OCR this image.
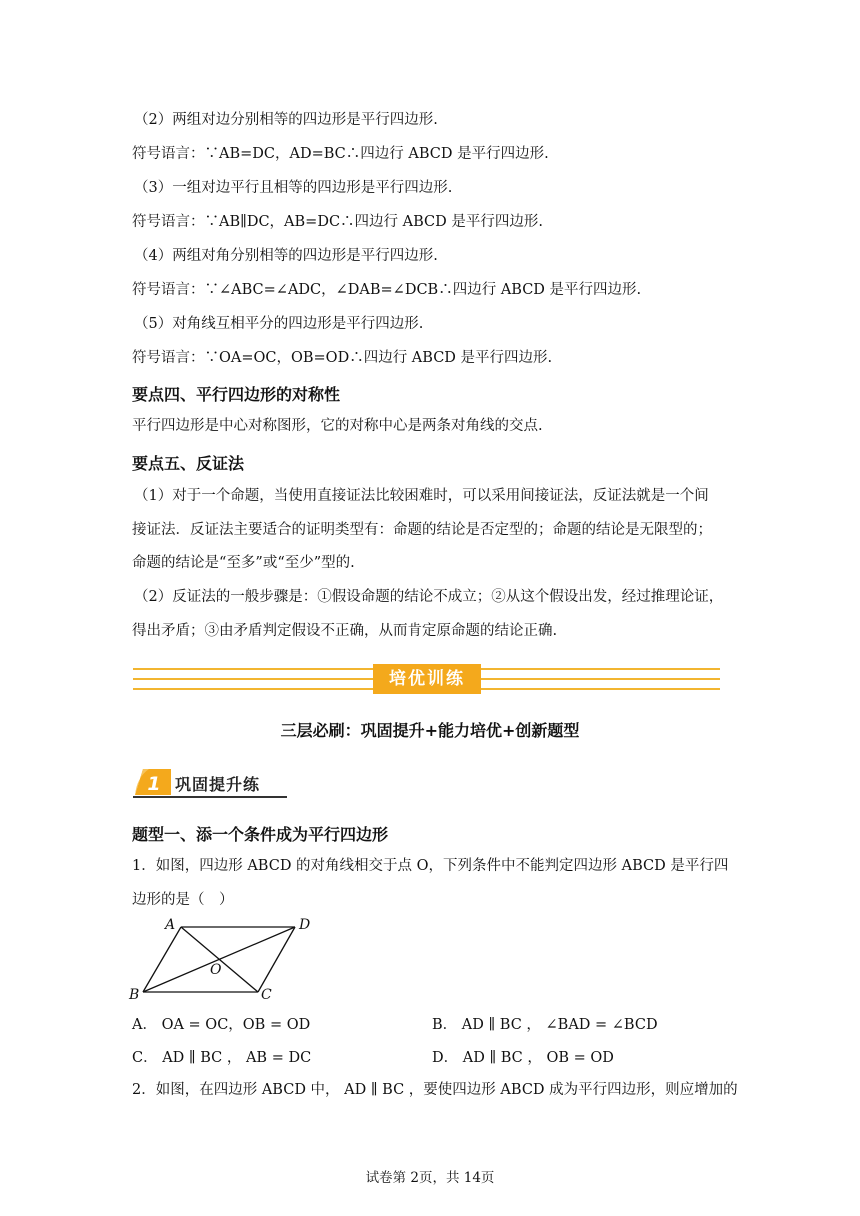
（2）两组对边分别相等的四边形是平行四边形.
符号语言：∵AB=DC，AD=BC∴四边行 ABCD 是平行四边形.
（3）一组对边平行且相等的四边形是平行四边形.
符号语言：∵AB∥DC，AB=DC∴四边行 ABCD 是平行四边形.
（4）两组对角分别相等的四边形是平行四边形.
符号语言：∵∠ABC=∠ADC，∠DAB=∠DCB∴四边行 ABCD 是平行四边形.
（5）对角线互相平分的四边形是平行四边形.
符号语言：∵OA=OC，OB=OD∴四边行 ABCD 是平行四边形.
要点四、平行四边形的对称性
平行四边形是中心对称图形，它的对称中心是两条对角线的交点.
要点五、反证法
（1）对于一个命题，当使用直接证法比较困难时，可以采用间接证法，反证法就是一个间
接证法．反证法主要适合的证明类型有：命题的结论是否定型的；命题的结论是无限型的；
命题的结论是“至多”或“至少”型的.
（2）反证法的一般步骤是：①假设命题的结论不成立；②从这个假设出发，经过推理论证，
得出矛盾；③由矛盾判定假设不正确，从而肯定原命题的结论正确.
培优训练
三层必刷：巩固提升+能力培优+创新题型
1 巩固提升练
题型一、添一个条件成为平行四边形
1．如图，四边形 ABCD 的对角线相交于点 O，下列条件中不能判定四边形 ABCD 是平行四
边形的是（　）
A	D
B	C
O
A． OA = OC，OB = OD	B． AD ∥ BC ， ∠BAD = ∠BCD
C． AD ∥ BC ， AB = DC	D． AD ∥ BC ， OB = OD
2．如图，在四边形 ABCD 中， AD ∥ BC ，要使四边形 ABCD 成为平行四边形，则应增加的
试卷第 2页，共 14页
